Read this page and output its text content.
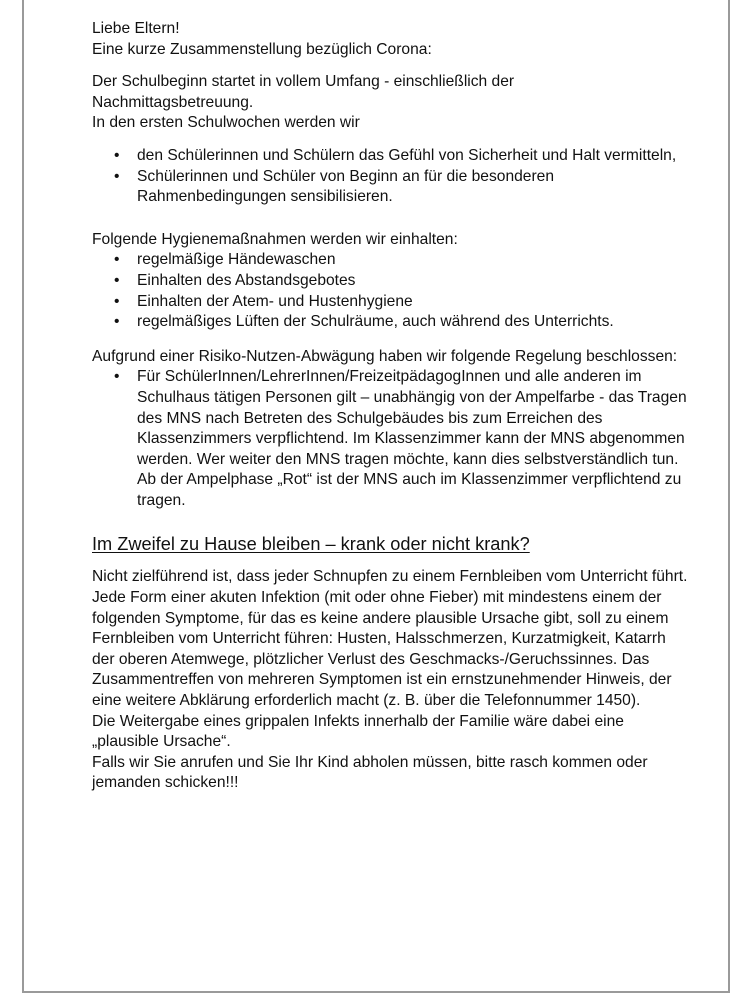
Liebe Eltern!

Eine kurze Zusammenstellung bezüglich Corona:

Der Schulbeginn startet in vollem Umfang - einschließlich der

Nachmittagsbetreuung.

In den ersten Schulwochen werden wir

• den Schülerinnen und Schülern das Gefühl von Sicherheit und Halt vermitteln,
• Schülerinnen und Schüler von Beginn an für die besonderen Rahmenbedingungen sensibilisieren.

Folgende Hygienemaßnahmen werden wir einhalten:

• regelmäßige Händewaschen
• Einhalten des Abstandsgebotes
• Einhalten der Atem- und Hustenhygiene
• regelmäßiges Lüften der Schulräume, auch während des Unterrichts.

Aufgrund einer Risiko-Nutzen-Abwägung haben wir folgende Regelung beschlossen:

• Für SchülerInnen/LehrerInnen/FreizeitpädagogInnen und alle anderen im Schulhaus tätigen Personen gilt – unabhängig von der Ampelfarbe - das Tragen des MNS nach Betreten des Schulgebäudes bis zum Erreichen des Klassenzimmers verpflichtend. Im Klassenzimmer kann der MNS abgenommen werden. Wer weiter den MNS tragen möchte, kann dies selbstverständlich tun. Ab der Ampelphase „Rot“ ist der MNS auch im Klassenzimmer verpflichtend zu tragen.

Im Zweifel zu Hause bleiben – krank oder nicht krank?

Nicht zielführend ist, dass jeder Schnupfen zu einem Fernbleiben vom Unterricht führt.

Jede Form einer akuten Infektion (mit oder ohne Fieber) mit mindestens einem der folgenden Symptome, für das es keine andere plausible Ursache gibt, soll zu einem Fernbleiben vom Unterricht führen: Husten, Halsschmerzen, Kurzatmigkeit, Katarrh der oberen Atemwege, plötzlicher Verlust des Geschmacks-/Geruchssinnes. Das Zusammentreffen von mehreren Symptomen ist ein ernstzunehmender Hinweis, der eine weitere Abklärung erforderlich macht (z. B. über die Telefonnummer 1450).

Die Weitergabe eines grippalen Infekts innerhalb der Familie wäre dabei eine „plausible Ursache“.

Falls wir Sie anrufen und Sie Ihr Kind abholen müssen, bitte rasch kommen oder jemanden schicken!!!
